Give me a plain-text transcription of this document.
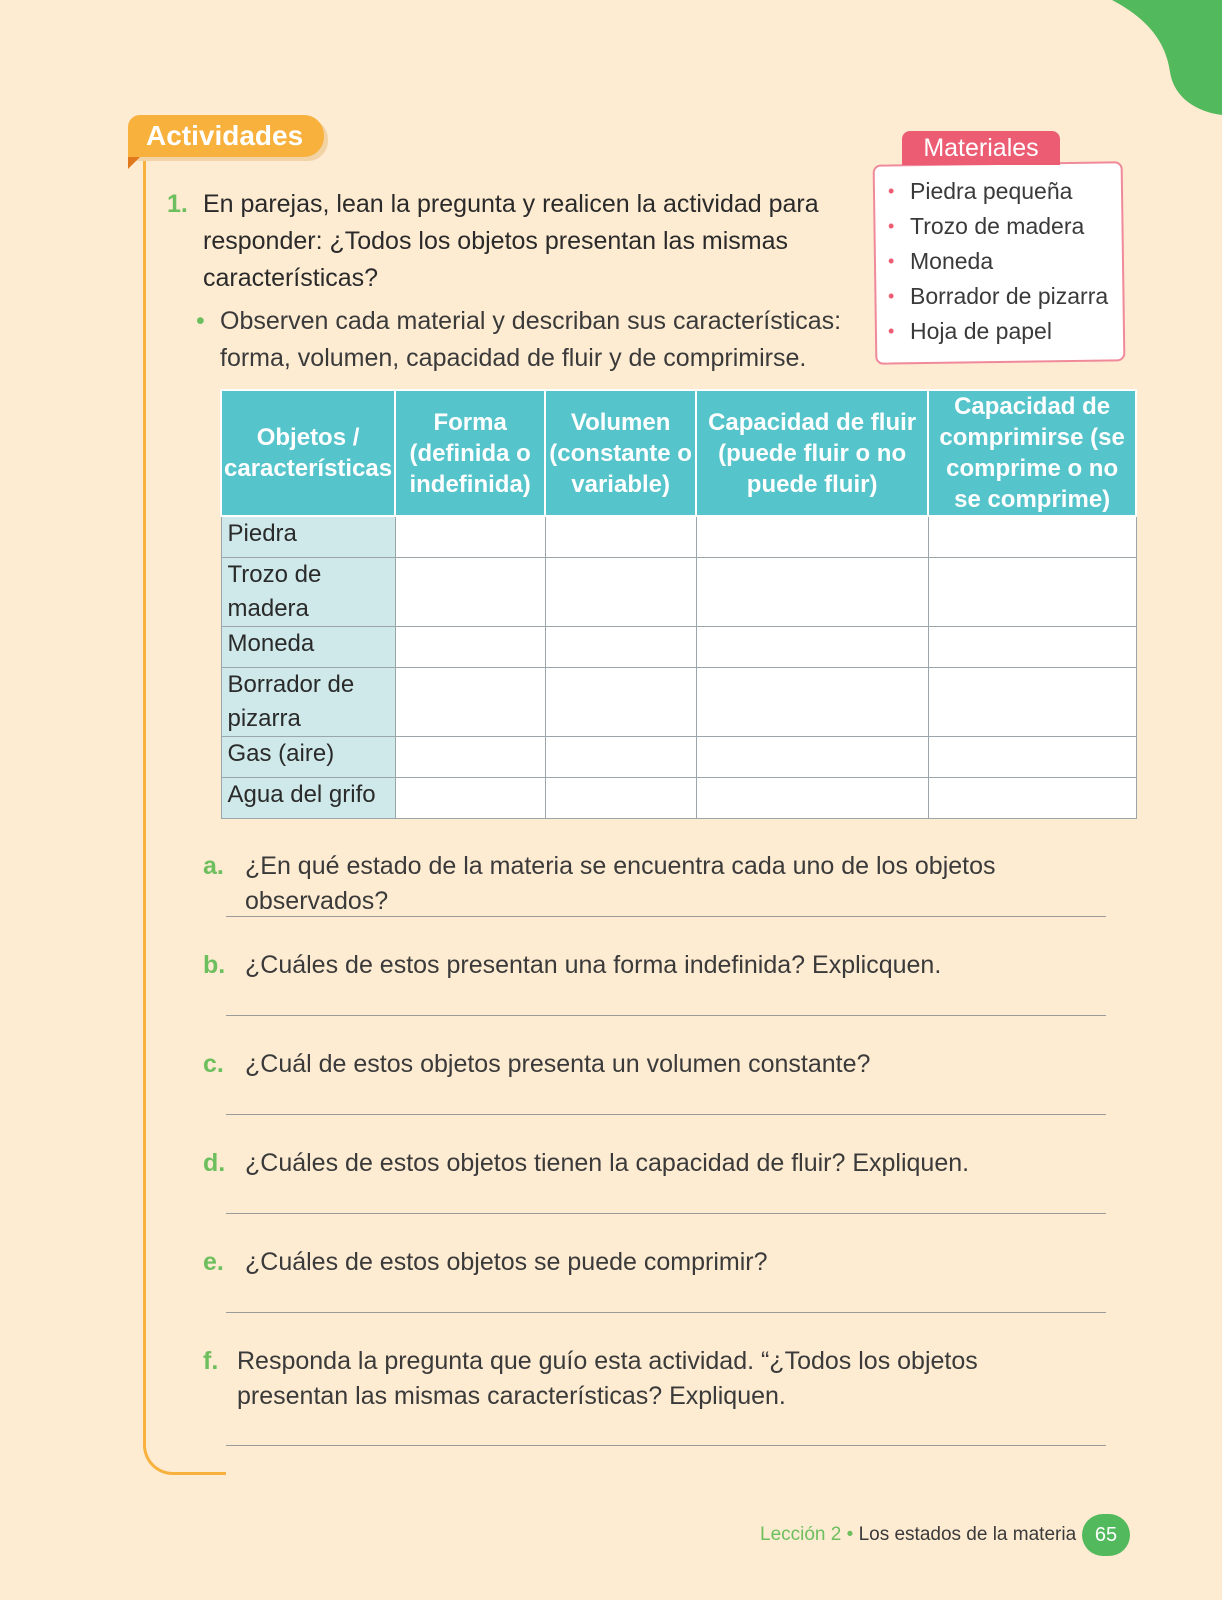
Actividades
1. En parejas, lean la pregunta y realicen la actividad para responder: ¿Todos los objetos presentan las mismas características?
• Observen cada material y describan sus características: forma, volumen, capacidad de fluir y de comprimirse.
Materiales
• Piedra pequeña
• Trozo de madera
• Moneda
• Borrador de pizarra
• Hoja de papel
Objetos / características	Forma (definida o indefinida)	Volumen (constante o variable)	Capacidad de fluir (puede fluir o no puede fluir)	Capacidad de comprimirse (se comprime o no se comprime)
Piedra				
Trozo de madera				
Moneda				
Borrador de pizarra				
Gas (aire)				
Agua del grifo				
a. ¿En qué estado de la materia se encuentra cada uno de los objetos observados?
b. ¿Cuáles de estos presentan una forma indefinida? Explicquen.
c. ¿Cuál de estos objetos presenta un volumen constante?
d. ¿Cuáles de estos objetos tienen la capacidad de fluir? Expliquen.
e. ¿Cuáles de estos objetos se puede comprimir?
f. Responda la pregunta que guío esta actividad. “¿Todos los objetos presentan las mismas características? Expliquen.
Lección 2 • Los estados de la materia 65
